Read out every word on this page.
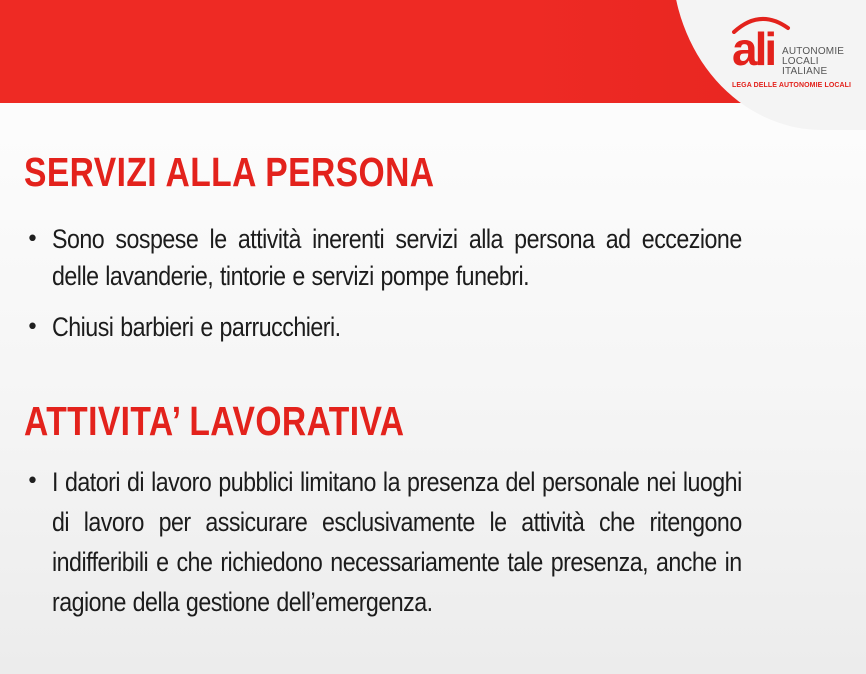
ali AUTONOMIE
LOCALI
ITALIANE
LEGA DELLE AUTONOMIE LOCALI
SERVIZI ALLA PERSONA
• Sono sospese le attività inerenti servizi alla persona ad eccezione delle lavanderie, tintorie e servizi pompe funebri.
• Chiusi barbieri e parrucchieri.
ATTIVITA’ LAVORATIVA
• I datori di lavoro pubblici limitano la presenza del personale nei luoghi di lavoro per assicurare esclusivamente le attività che ritengono indifferibili e che richiedono necessariamente tale presenza, anche in ragione della gestione dell’emergenza.
